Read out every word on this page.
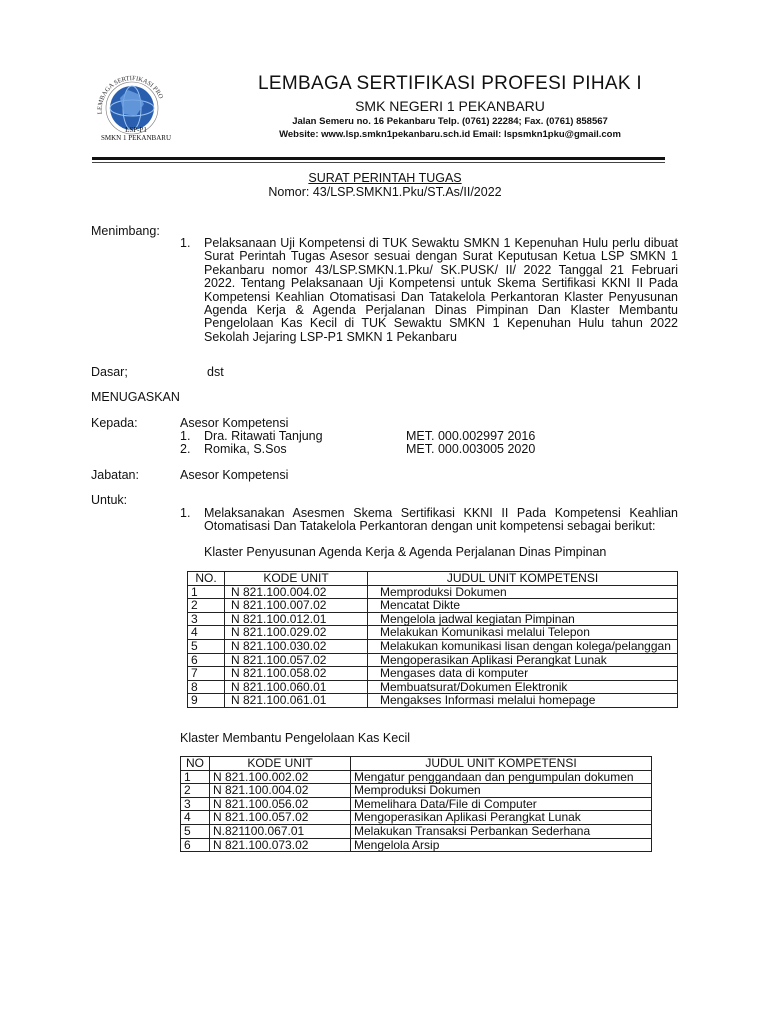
LEMBAGA SERTIFIKASI PRO
LSP-P1
SMKN 1 PEKANBARU
LEMBAGA SERTIFIKASI PROFESI PIHAK I
SMK NEGERI 1 PEKANBARU
Jalan Semeru no. 16 Pekanbaru Telp. (0761) 22284; Fax. (0761) 858567
Website: www.lsp.smkn1pekanbaru.sch.id Email: lspsmkn1pku@gmail.com
SURAT PERINTAH TUGAS
Nomor: 43/LSP.SMKN1.Pku/ST.As/II/2022
Menimbang:
1. Pelaksanaan Uji Kompetensi di TUK Sewaktu SMKN 1 Kepenuhan Hulu perlu dibuat Surat Perintah Tugas Asesor sesuai dengan Surat Keputusan Ketua LSP SMKN 1 Pekanbaru nomor 43/LSP.SMKN.1.Pku/ SK.PUSK/ II/ 2022 Tanggal 21 Februari 2022. Tentang Pelaksanaan Uji Kompetensi untuk Skema Sertifikasi KKNI II Pada Kompetensi Keahlian Otomatisasi Dan Tatakelola Perkantoran Klaster Penyusunan Agenda Kerja & Agenda Perjalanan Dinas Pimpinan Dan Klaster Membantu Pengelolaan Kas Kecil di TUK Sewaktu SMKN 1 Kepenuhan Hulu tahun 2022 Sekolah Jejaring LSP-P1 SMKN 1 Pekanbaru
Dasar;	dst
MENUGASKAN
Kepada:	Asesor Kompetensi
1. Dra. Ritawati Tanjung	MET. 000.002997 2016
2. Romika, S.Sos	MET. 000.003005 2020
Jabatan:	Asesor Kompetensi
Untuk:
1. Melaksanakan Asesmen Skema Sertifikasi KKNI II Pada Kompetensi Keahlian Otomatisasi Dan Tatakelola Perkantoran dengan unit kompetensi sebagai berikut:
Klaster Penyusunan Agenda Kerja & Agenda Perjalanan Dinas Pimpinan
NO.	KODE UNIT	JUDUL UNIT KOMPETENSI
1	N 821.100.004.02	Memproduksi Dokumen
2	N 821.100.007.02	Mencatat Dikte
3	N 821.100.012.01	Mengelola jadwal kegiatan Pimpinan
4	N 821.100.029.02	Melakukan Komunikasi melalui Telepon
5	N 821.100.030.02	Melakukan komunikasi lisan dengan kolega/pelanggan
6	N 821.100.057.02	Mengoperasikan Aplikasi Perangkat Lunak
7	N 821.100.058.02	Mengases data di komputer
8	N 821.100.060.01	Membuatsurat/Dokumen Elektronik
9	N 821.100.061.01	Mengakses Informasi melalui homepage
Klaster Membantu Pengelolaan Kas Kecil
NO	KODE UNIT	JUDUL UNIT KOMPETENSI
1	N 821.100.002.02	Mengatur penggandaan dan pengumpulan dokumen
2	N 821.100.004.02	Memproduksi Dokumen
3	N 821.100.056.02	Memelihara Data/File di Computer
4	N 821.100.057.02	Mengoperasikan Aplikasi Perangkat Lunak
5	N.821100.067.01	Melakukan Transaksi Perbankan Sederhana
6	N 821.100.073.02	Mengelola Arsip
